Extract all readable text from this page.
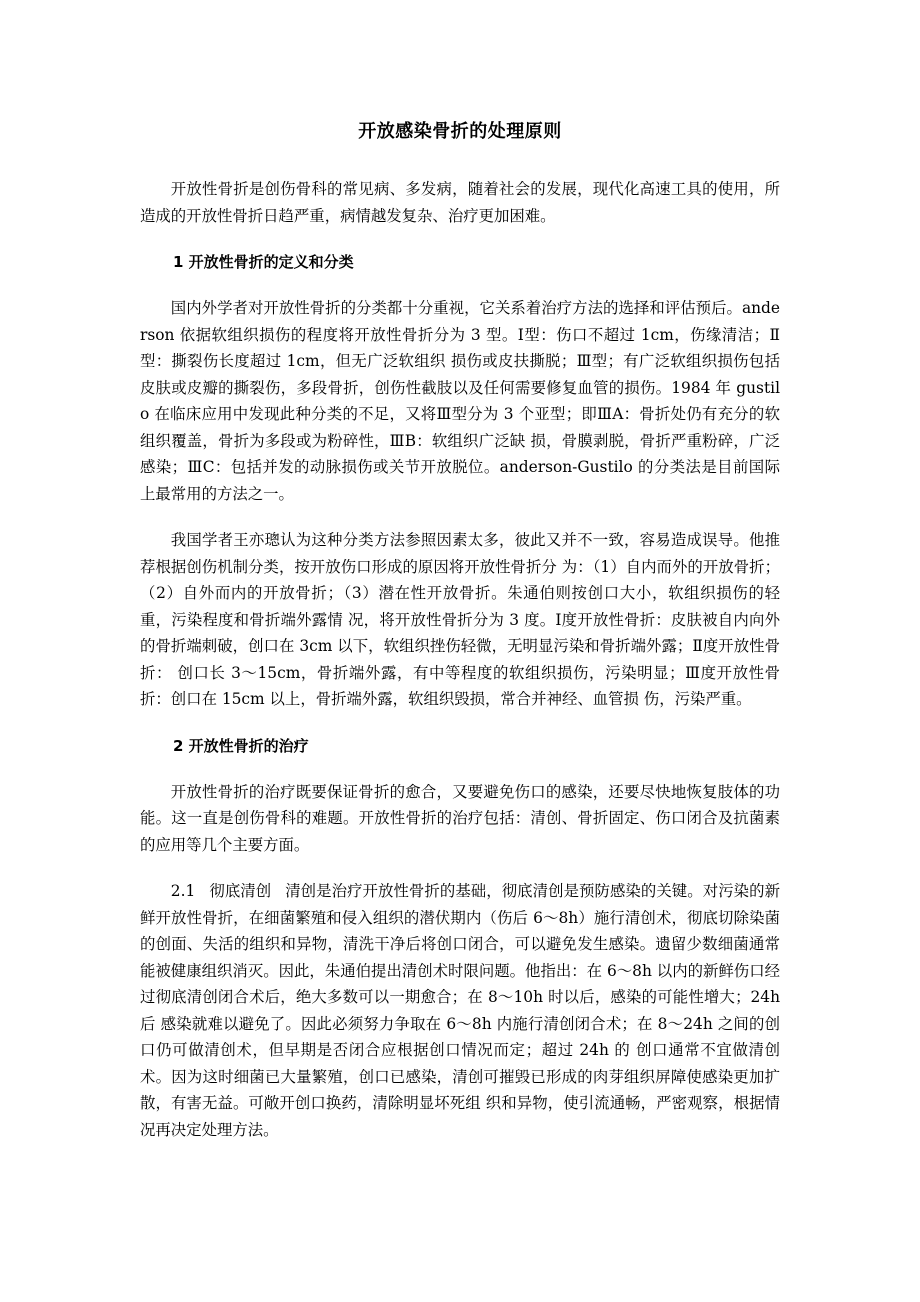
开放感染骨折的处理原则

开放性骨折是创伤骨科的常见病、多发病，随着社会的发展，现代化高速工具的使用，所造成的开放性骨折日趋严重，病情越发复杂、治疗更加困难。

1 开放性骨折的定义和分类

国内外学者对开放性骨折的分类都十分重视，它关系着治疗方法的选择和评估预后。anderson 依据软组织损伤的程度将开放性骨折分为 3 型。Ⅰ型：伤口不超过 1cm，伤缘清洁；Ⅱ型：撕裂伤长度超过 1cm，但无广泛软组织 损伤或皮扶撕脱；Ⅲ型；有广泛软组织损伤包括皮肤或皮瓣的撕裂伤，多段骨折，创伤性截肢以及任何需要修复血管的损伤。1984 年 gustilo 在临床应用中发现此种分类的不足，又将Ⅲ型分为 3 个亚型；即ⅢA：骨折处仍有充分的软组织覆盖，骨折为多段或为粉碎性，ⅢB：软组织广泛缺 损，骨膜剥脱，骨折严重粉碎，广泛感染；ⅢC：包括并发的动脉损伤或关节开放脱位。anderson-Gustilo 的分类法是目前国际上最常用的方法之一。

我国学者王亦璁认为这种分类方法参照因素太多，彼此又并不一致，容易造成误导。他推荐根据创伤机制分类，按开放伤口形成的原因将开放性骨折分 为：（1）自内而外的开放骨折；（2）自外而内的开放骨折；（3）潜在性开放骨折。朱通伯则按创口大小，软组织损伤的轻重，污染程度和骨折端外露情 况，将开放性骨折分为 3 度。Ⅰ度开放性骨折：皮肤被自内向外的骨折端刺破，创口在 3cm 以下，软组织挫伤轻微，无明显污染和骨折端外露；Ⅱ度开放性骨折： 创口长 3～15cm，骨折端外露，有中等程度的软组织损伤，污染明显；Ⅲ度开放性骨折：创口在 15cm 以上，骨折端外露，软组织毁损，常合并神经、血管损 伤，污染严重。

2 开放性骨折的治疗

开放性骨折的治疗既要保证骨折的愈合，又要避免伤口的感染，还要尽快地恢复肢体的功能。这一直是创伤骨科的难题。开放性骨折的治疗包括：清创、骨折固定、伤口闭合及抗菌素的应用等几个主要方面。

2.1 彻底清创 清创是治疗开放性骨折的基础，彻底清创是预防感染的关键。对污染的新鲜开放性骨折，在细菌繁殖和侵入组织的潜伏期内（伤后 6～8h）施行清创术，彻底切除染菌的创面、失活的组织和异物，清洗干净后将创口闭合，可以避免发生感染。遗留少数细菌通常能被健康组织消灭。因此，朱通伯提出清创术时限问题。他指出：在 6～8h 以内的新鲜伤口经过彻底清创闭合术后，绝大多数可以一期愈合；在 8～10h 时以后，感染的可能性增大；24h 后 感染就难以避免了。因此必须努力争取在 6～8h 内施行清创闭合术；在 8～24h 之间的创口仍可做清创术，但早期是否闭合应根据创口情况而定；超过 24h 的 创口通常不宜做清创术。因为这时细菌已大量繁殖，创口已感染，清创可摧毁已形成的肉芽组织屏障使感染更加扩散，有害无益。可敞开创口换药，清除明显坏死组 织和异物，使引流通畅，严密观察，根据情况再决定处理方法。
